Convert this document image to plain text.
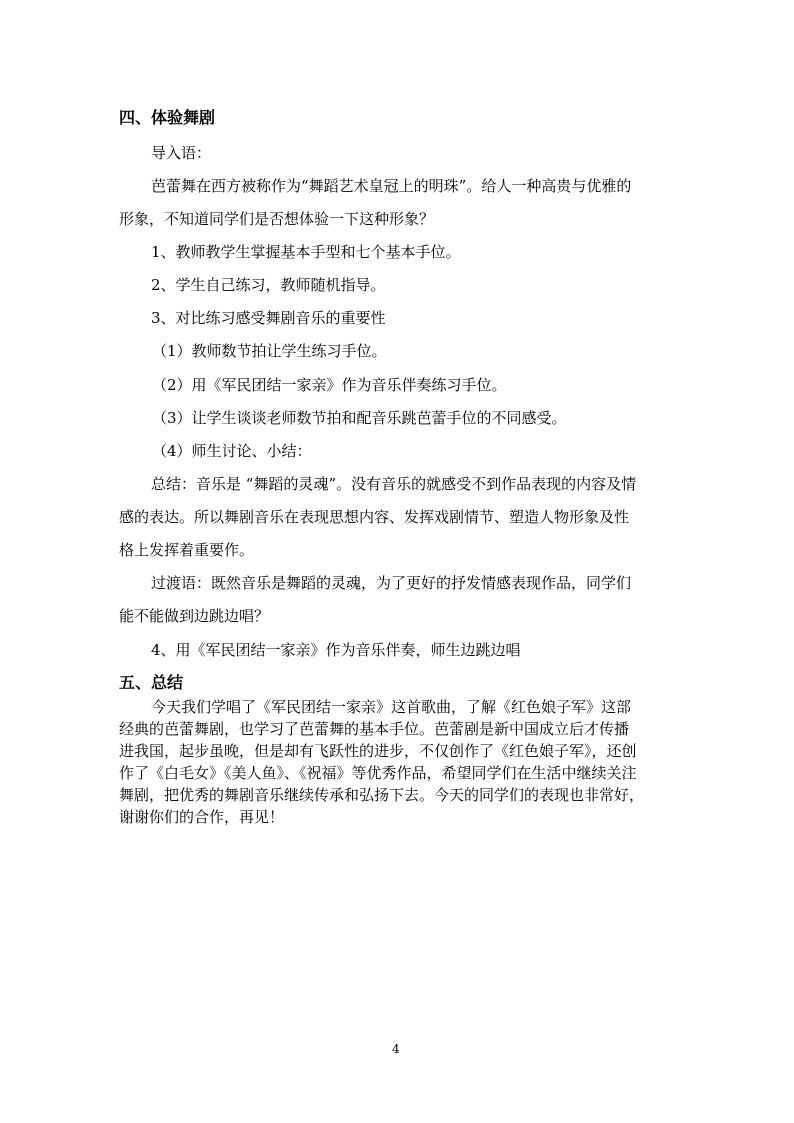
四、体验舞剧
导入语：
芭蕾舞在西方被称作为“舞蹈艺术皇冠上的明珠”。给人一种高贵与优雅的
形象，不知道同学们是否想体验一下这种形象？
1、教师教学生掌握基本手型和七个基本手位。
2、学生自己练习，教师随机指导。
3、对比练习感受舞剧音乐的重要性
（1）教师数节拍让学生练习手位。
（2）用《军民团结一家亲》作为音乐伴奏练习手位。
（3）让学生谈谈老师数节拍和配音乐跳芭蕾手位的不同感受。
（4）师生讨论、小结：
总结：音乐是 “舞蹈的灵魂”。没有音乐的就感受不到作品表现的内容及情
感的表达。所以舞剧音乐在表现思想内容、发挥戏剧情节、塑造人物形象及性
格上发挥着重要作。
过渡语：既然音乐是舞蹈的灵魂，为了更好的抒发情感表现作品，同学们
能不能做到边跳边唱？
4、用《军民团结一家亲》作为音乐伴奏，师生边跳边唱
五、总结
今天我们学唱了《军民团结一家亲》这首歌曲，了解《红色娘子军》这部
经典的芭蕾舞剧，也学习了芭蕾舞的基本手位。芭蕾剧是新中国成立后才传播
进我国，起步虽晚，但是却有飞跃性的进步，不仅创作了《红色娘子军》，还创
作了《白毛女》《美人鱼》、《祝福》等优秀作品，希望同学们在生活中继续关注
舞剧，把优秀的舞剧音乐继续传承和弘扬下去。今天的同学们的表现也非常好，
谢谢你们的合作，再见！
4
